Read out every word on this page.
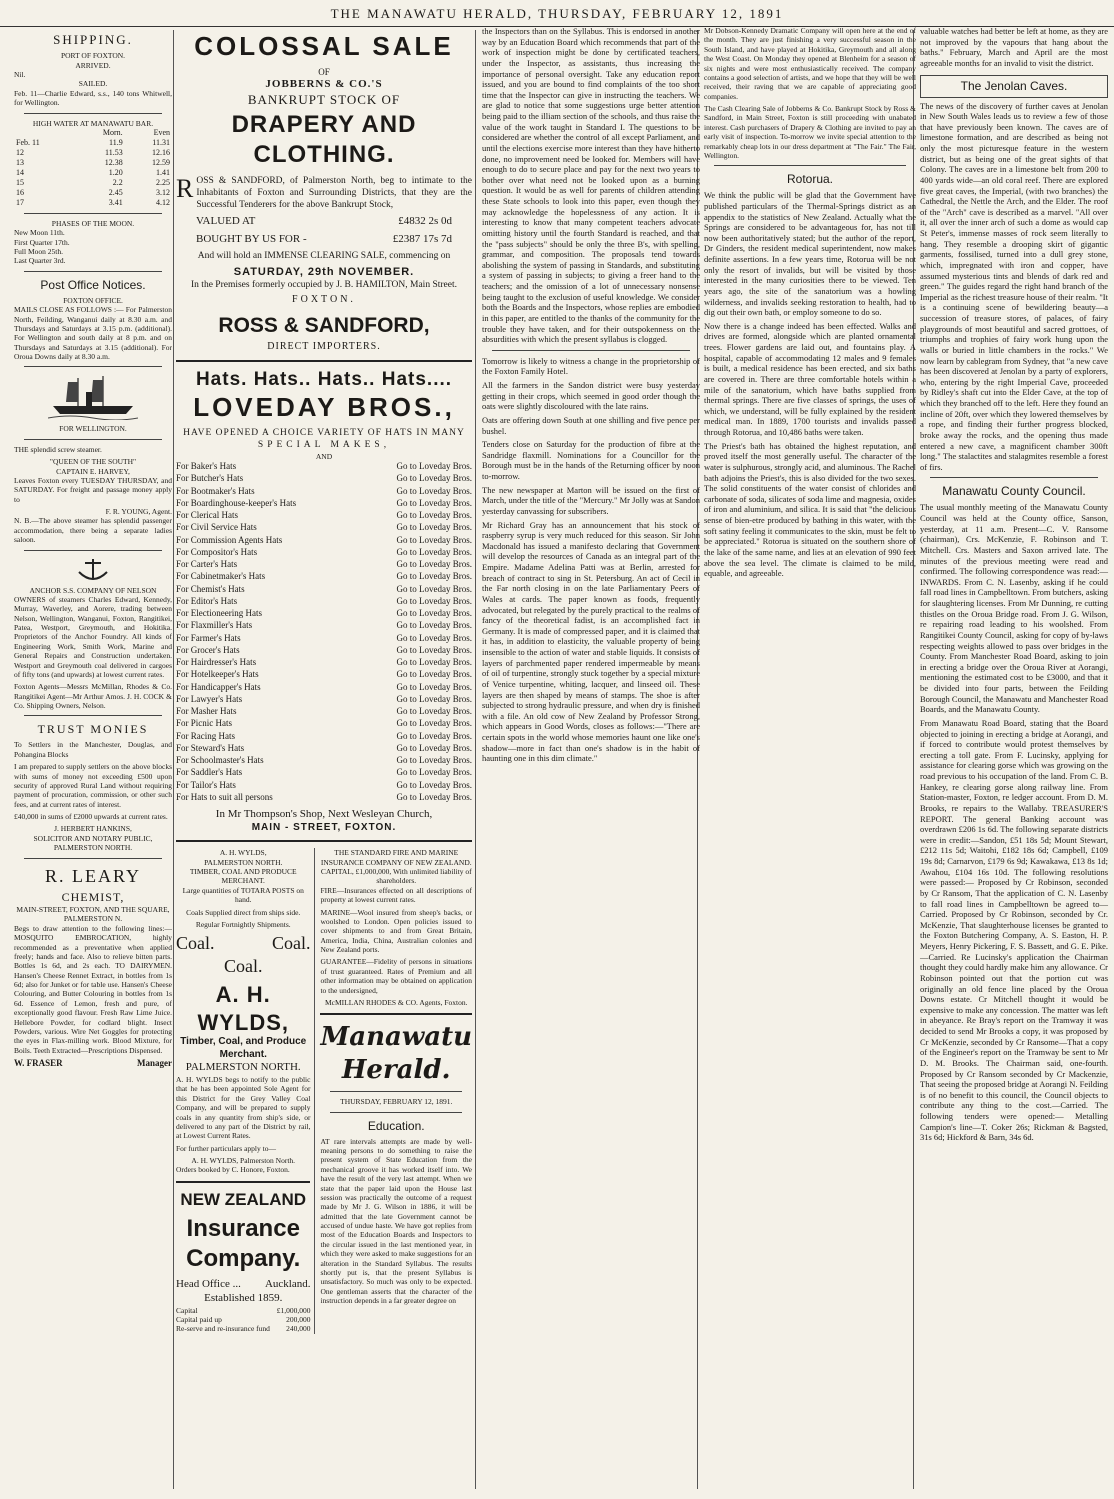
THE MANAWATU HERALD, THURSDAY, FEBRUARY 12, 1891
SHIPPING.
PORT OF FOXTON.
ARRIVED.
Nil.
SAILED.

Feb. 11—Charlie Edward, s.s., 140 tons Whitwell, for Wellington.

HIGH WATER AT MANAWATU BAR.
	Morn.	Even
Feb. 11	11.9	11.31
12	11.53	12.16
13	12.38	12.59
14	1.20	1.41
15	2.2	2.25
16	2.45	3.12
17	3.41	4.12
PHASES OF THE MOON.
New Moon 11th.
First Quarter 17th.
Full Moon 25th.
Last Quarter 3rd.
Post Office Notices.
FOXTON OFFICE.

MAILS CLOSE AS FOLLOWS :— For Palmerston North, Feilding, Wanganui daily at 8.30 a.m. and Thursdays and Saturdays at 3.15 p.m. (additional). For Wellington and south daily at 8 p.m. and on Thursdays and Saturdays at 3.15 (additional). For Oroua Downs daily at 8.30 a.m.

FOR WELLINGTON.

THE splendid screw steamer.

"QUEEN OF THE SOUTH"
CAPTAIN E. HARVEY,

Leaves Foxton every TUESDAY THURSDAY, and SATURDAY. For freight and passage money apply to

F. R. YOUNG, Agent.

N. B.—The above steamer has splendid passenger accommodation, there being a separate ladies saloon.

ANCHOR S.S. COMPANY OF NELSON

OWNERS of steamers Charles Edward, Kennedy, Murray, Waverley, and Aorere, trading between Nelson, Wellington, Wanganui, Foxton, Rangitikei, Patea, Westport, Greymouth, and Hokitika. Proprietors of the Anchor Foundry. All kinds of Engineering Work, Smith Work, Marine and General Repairs and Construction undertaken. Westport and Greymouth coal delivered in cargoes of fifty tons (and upwards) at lowest current rates.

Foxton Agents—Messrs McMillan, Rhodes & Co. Rangitikei Agent—Mr Arthur Amos. J. H. COCK & Co. Shipping Owners, Nelson.

TRUST MONIES

To Settlers in the Manchester, Douglas, and Pohangina Blocks

I am prepared to supply settlers on the above blocks with sums of money not exceeding £500 upon security of approved Rural Land without requiring payment of procuration, commission, or other such fees, and at current rates of interest.

£40,000 in sums of £2000 upwards at current rates.

J. HERBERT HANKINS,
SOLICITOR AND NOTARY PUBLIC, PALMERSTON NORTH.
R. LEARY
CHEMIST,
MAIN-STREET, FOXTON, AND THE SQUARE, PALMERSTON N.

Begs to draw attention to the following lines:— MOSQUITO EMBROCATION, highly recommended as a preventative when applied freely; hands and face. Also to relieve bitten parts. Bottles 1s 6d, and 2s each. TO DAIRYMEN. Hansen's Cheese Rennet Extract, in bottles from 1s 6d; also for Junket or for table use. Hansen's Cheese Colouring, and Butter Colouring in bottles from 1s 6d. Essence of Lemon, fresh and pure, of exceptionally good flavour. Fresh Raw Lime Juice. Hellebore Powder, for codlard blight. Insect Powders, various. Wire Net Goggles for protecting the eyes in Flax-milling work. Blood Mixture, for Boils. Teeth Extracted—Prescriptions Dispensed.

W. FRASER	Manager
COLOSSAL SALE
OF
JOBBERNS & CO.'S
BANKRUPT STOCK OF
DRAPERY AND CLOTHING.

ROSS & SANDFORD, of Palmerston North, beg to intimate to the Inhabitants of Foxton and Surrounding Districts, that they are the Successful Tenderers for the above Bankrupt Stock,

VALUED AT	£4832 2s 0d
BOUGHT BY US FOR -	£2387 17s 7d

And will hold an IMMENSE CLEARING SALE, commencing on

SATURDAY, 29th NOVEMBER.

In the Premises formerly occupied by J. B. HAMILTON, Main Street.

FOXTON.
ROSS & SANDFORD,
DIRECT IMPORTERS.
Hats. Hats.. Hats.. Hats....
LOVEDAY BROS.,
HAVE OPENED A CHOICE VARIETY OF HATS IN MANY
SPECIAL MAKES,
AND
For Baker's Hats	Go to Loveday Bros.
For Butcher's Hats	Go to Loveday Bros.
For Bootmaker's Hats	Go to Loveday Bros.
For Boardinghouse-keeper's Hats	Go to Loveday Bros.
For Clerical Hats	Go to Loveday Bros.
For Civil Service Hats	Go to Loveday Bros.
For Commission Agents Hats	Go to Loveday Bros.
For Compositor's Hats	Go to Loveday Bros.
For Carter's Hats	Go to Loveday Bros.
For Cabinetmaker's Hats	Go to Loveday Bros.
For Chemist's Hats	Go to Loveday Bros.
For Editor's Hats	Go to Loveday Bros.
For Electioneering Hats	Go to Loveday Bros.
For Flaxmiller's Hats	Go to Loveday Bros.
For Farmer's Hats	Go to Loveday Bros.
For Grocer's Hats	Go to Loveday Bros.
For Hairdresser's Hats	Go to Loveday Bros.
For Hotelkeeper's Hats	Go to Loveday Bros.
For Handicapper's Hats	Go to Loveday Bros.
For Lawyer's Hats	Go to Loveday Bros.
For Masher Hats	Go to Loveday Bros.
For Picnic Hats	Go to Loveday Bros.
For Racing Hats	Go to Loveday Bros.
For Steward's Hats	Go to Loveday Bros.
For Schoolmaster's Hats	Go to Loveday Bros.
For Saddler's Hats	Go to Loveday Bros.
For Tailor's Hats	Go to Loveday Bros.
For Hats to suit all persons	Go to Loveday Bros.
In Mr Thompson's Shop, Next Wesleyan Church,
MAIN - STREET, FOXTON.
A. H. WYLDS,
PALMERSTON NORTH.
TIMBER, COAL AND PRODUCE MERCHANT.

Large quantities of TOTARA POSTS on hand.

Coals Supplied direct from ships side.

Regular Fortnightly Shipments.

Coal.	Coal.
Coal.
A. H. WYLDS,
Timber, Coal, and Produce Merchant.
PALMERSTON NORTH.

A. H. WYLDS begs to notify to the public that he has been appointed Sole Agent for this District for the Grey Valley Coal Company, and will be prepared to supply coals in any quantity from ship's side, or delivered to any part of the District by rail, at Lowest Current Rates.

For further particulars apply to—

A. H. WYLDS, Palmerston North.

Orders booked by C. Honore, Foxton.

NEW ZEALAND
Insurance Company.
Head Office ... Auckland.
Established 1859.
Capital	£1,000,000
Capital paid up	200,000
Re-serve and re-insurance fund 240,000
THE STANDARD FIRE AND MARINE INSURANCE COMPANY OF NEW ZEALAND.
CAPITAL, £1,000,000, With unlimited liability of shareholders.

FIRE—Insurances effected on all descriptions of property at lowest current rates.

MARINE—Wool insured from sheep's backs, or woolshed to London. Open policies issued to cover shipments to and from Great Britain, America, India, China, Australian colonies and New Zealand ports.

GUARANTEE—Fidelity of persons in situations of trust guaranteed. Rates of Premium and all other information may be obtained on application to the undersigned,

McMILLAN RHODES & CO. Agents, Foxton.
Manawatu Herald.
THURSDAY, FEBRUARY 12, 1891.
Education.

AT rare intervals attempts are made by well-meaning persons to do something to raise the present system of State Education from the mechanical groove it has worked itself into. We have the result of the very last attempt. When we state that the paper laid upon the House last session was practically the outcome of a request made by Mr J. G. Wilson in 1886, it will be admitted that the late Government cannot be accused of undue haste. We have got replies from most of the Education Boards and Inspectors to the circular issued in the last mentioned year, in which they were asked to make suggestions for an alteration in the Standard Syllabus. The results shortly put is, that the present Syllabus is unsatisfactory. So much was only to be expected. One gentleman asserts that the character of the instruction depends in a far greater degree on

the Inspectors than on the Syllabus. This is endorsed in another way by an Education Board which recommends that part of the work of inspection might be done by certificated teachers, under the Inspector, as assistants, thus increasing the importance of personal oversight. Take any education report issued, and you are bound to find complaints of the too short time that the Inspector can give in instructing the teachers. We are glad to notice that some suggestions urge better attention being paid to the illiam section of the schools, and thus raise the value of the work taught in Standard I. The questions to be considered are whether the control of all except Parliament, and until the elections exercise more interest than they have hitherto done, no improvement need be looked for. Members will have enough to do to secure place and pay for the next two years to bother over what need not be looked upon as a burning question. It would be as well for parents of children attending these State schools to look into this paper, even though they may acknowledge the hopelessness of any action. It is interesting to know that many competent teachers advocate omitting history until the fourth Standard is reached, and that the "pass subjects" should be only the three B's, with spelling, grammar, and composition. The proposals tend towards abolishing the system of passing in Standards, and substituting a system of passing in subjects; to giving a freer hand to the teachers; and the omission of a lot of unnecessary nonsense being taught to the exclusion of useful knowledge. We consider both the Boards and the Inspectors, whose replies are embodied in this paper, are entitled to the thanks of the community for the trouble they have taken, and for their outspokenness on the absurdities with which the present syllabus is clogged.

Tomorrow is likely to witness a change in the proprietorship of the Foxton Family Hotel.

All the farmers in the Sandon district were busy yesterday getting in their crops, which seemed in good order though the oats were slightly discoloured with the late rains.

Oats are offering down South at one shilling and five pence per bushel.

Tenders close on Saturday for the production of fibre at the Sandridge flaxmill. Nominations for a Councillor for the Borough must be in the hands of the Returning officer by noon to-morrow.

The new newspaper at Marton will be issued on the first of March, under the title of the "Mercury." Mr Jolly was at Sandon yesterday canvassing for subscribers.

Mr Richard Gray has an announcement that his stock of raspberry syrup is very much reduced for this season. Sir John Macdonald has issued a manifesto declaring that Government will develop the resources of Canada as an integral part of the Empire. Madame Adelina Patti was at Berlin, arrested for breach of contract to sing in St. Petersburg. An act of Cecil in the Far north closing in on the late Parliamentary Peers of Wales at cards. The paper known as foods, frequently advocated, but relegated by the purely practical to the realms of fancy of the theoretical fadist, is an accomplished fact in Germany. It is made of compressed paper, and it is claimed that it has, in addition to elasticity, the valuable property of being insensible to the action of water and stable liquids. It consists of layers of parchmented paper rendered impermeable by means of oil of turpentine, strongly stuck together by a special mixture of Venice turpentine, whiting, lacquer, and linseed oil. These layers are then shaped by means of stamps. The shoe is after subjected to strong hydraulic pressure, and when dry is finished with a file. An old cow of New Zealand by Professor Strong, which appears in Good Words, closes as follows:—"There are certain spots in the world whose memories haunt one like one's shadow—more in fact than one's shadow is in the habit of haunting one in this dim climate."

Mr Dobson-Kennedy Dramatic Company will open here at the end of the month. They are just finishing a very successful season in the South Island, and have played at Hokitika, Greymouth and all along the West Coast. On Monday they opened at Blenheim for a season of six nights and were most enthusiastically received. The company contains a good selection of artists, and we hope that they will be well received, their raving that we are capable of appreciating good companies.

The Cash Clearing Sale of Jobberns & Co. Bankrupt Stock by Ross & Sandford, in Main Street, Foxton is still proceeding with unabated interest. Cash purchasers of Drapery & Clothing are invited to pay an early visit of inspection. To-morrow we invite special attention to the remarkably cheap lots in our dress department at "The Fair." The Fair, Wellington.

Rotorua.

We think the public will be glad that the Government have published particulars of the Thermal-Springs district as an appendix to the statistics of New Zealand. Actually what the Springs are considered to be advantageous for, has not till now been authoritatively stated; but the author of the report, Dr Ginders, the resident medical superintendent, now makes definite assertions. In a few years time, Rotorua will be not only the resort of invalids, but will be visited by those interested in the many curiosities there to be viewed. Ten years ago, the site of the sanatorium was a howling wilderness, and invalids seeking restoration to health, had to dig out their own bath, or employ someone to do so.

Now there is a change indeed has been effected. Walks and drives are formed, alongside which are planted ornamental trees. Flower gardens are laid out, and fountains play. A hospital, capable of accommodating 12 males and 9 females is built, a medical residence has been erected, and six baths are covered in. There are three comfortable hotels within a mile of the sanatorium, which have baths supplied from thermal springs. There are five classes of springs, the uses of which, we understand, will be fully explained by the resident medical man. In 1889, 1700 tourists and invalids passed through Rotorua, and 10,486 baths were taken.

The Priest's bath has obtained the highest reputation, and proved itself the most generally useful. The character of the water is sulphurous, strongly acid, and aluminous. The Rachel bath adjoins the Priest's, this is also divided for the two sexes. The solid constituents of the water consist of chlorides and carbonate of soda, silicates of soda lime and magnesia, oxides of iron and aluminium, and silica. It is said that "the delicious sense of bien-etre produced by bathing in this water, with the soft satiny feeling it communicates to the skin, must be felt to be appreciated." Rotorua is situated on the southern shore of the lake of the same name, and lies at an elevation of 990 feet above the sea level. The climate is claimed to be mild, equable, and agreeable.

valuable watches had better be left at home, as they are not improved by the vapours that hang about the baths." February, March and April are the most agreeable months for an invalid to visit the district.

The Jenolan Caves.

The news of the discovery of further caves at Jenolan in New South Wales leads us to review a few of those that have previously been known. The caves are of limestone formation, and are described as being not only the most picturesque feature in the western district, but as being one of the great sights of that Colony. The caves are in a limestone belt from 200 to 400 yards wide—an old coral reef. There are explored five great caves, the Imperial, (with two branches) the Cathedral, the Nettle the Arch, and the Elder. The roof of the "Arch" cave is described as a marvel. "All over it, all over the inner arch of such a dome as would cap St Peter's, immense masses of rock seem literally to hang. They resemble a drooping skirt of gigantic garments, fossilised, turned into a dull grey stone, which, impregnated with iron and copper, have assumed mysterious tints and blends of dark red and green." The guides regard the right hand branch of the Imperial as the richest treasure house of their realm. "It is a continuing scene of bewildering beauty—a succession of treasure stores, of palaces, of fairy playgrounds of most beautiful and sacred grottoes, of triumphs and trophies of fairy work hung upon the walls or buried in little chambers in the rocks." We now learn by cablegram from Sydney, that "a new cave has been discovered at Jenolan by a party of explorers, who, entering by the right Imperial Cave, proceeded by Ridley's shaft cut into the Elder Cave, at the top of which they branched off to the left. Here they found an incline of 20ft, over which they lowered themselves by a rope, and finding their further progress blocked, broke away the rocks, and the opening thus made entered a new cave, a magnificent chamber 300ft long." The stalactites and stalagmites resemble a forest of firs.

Manawatu County Council.

The usual monthly meeting of the Manawatu County Council was held at the County office, Sanson, yesterday, at 11 a.m. Present—C. V. Ransome (chairman), Crs. McKenzie, F. Robinson and T. Mitchell. Crs. Masters and Saxon arrived late. The minutes of the previous meeting were read and confirmed. The following correspondence was read:— INWARDS. From C. N. Lasenby, asking if he could fall road lines in Campbelltown. From butchers, asking for slaughtering licenses. From Mr Dunning, re cutting thistles on the Oroua Bridge road. From J. G. Wilson, re repairing road leading to his woolshed. From Rangitikei County Council, asking for copy of by-laws respecting weights allowed to pass over bridges in the County. From Manchester Road Board, asking to join in erecting a bridge over the Oroua River at Aorangi, mentioning the estimated cost to be £3000, and that it be divided into four parts, between the Feilding Borough Council, the Manawatu and Manchester Road Boards, and the Manawatu County.

From Manawatu Road Board, stating that the Board objected to joining in erecting a bridge at Aorangi, and if forced to contribute would protest themselves by erecting a toll gate. From F. Lucinsky, applying for assistance for clearing gorse which was growing on the road previous to his occupation of the land. From C. B. Hankey, re clearing gorse along railway line. From Station-master, Foxton, re ledger account. From D. M. Brooks, re repairs to the Wallaby. TREASURER'S REPORT. The general Banking account was overdrawn £206 1s 6d. The following separate districts were in credit:—Sandon, £51 18s 5d; Mount Stewart, £212 11s 5d; Waitohi, £182 18s 6d; Campbell, £109 19s 8d; Carnarvon, £179 6s 9d; Kawakawa, £13 8s 1d; Awahou, £104 16s 10d. The following resolutions were passed:— Proposed by Cr Robinson, seconded by Cr Ransom, That the application of C. N. Lasenby to fall road lines in Campbelltown be agreed to—Carried. Proposed by Cr Robinson, seconded by Cr. McKenzie, That slaughterhouse licenses be granted to the Foxton Butchering Company, A. S. Easton, H. P. Meyers, Henry Pickering, F. S. Bassett, and G. E. Pike.—Carried. Re Lucinsky's application the Chairman thought they could hardly make him any allowance. Cr Robinson pointed out that the portion cut was originally an old fence line placed by the Oroua Downs estate. Cr Mitchell thought it would be expensive to make any concession. The matter was left in abeyance. Re Bray's report on the Tramway it was decided to send Mr Brooks a copy, it was proposed by Cr McKenzie, seconded by Cr Ransome—That a copy of the Engineer's report on the Tramway be sent to Mr D. M. Brooks. The Chairman said, one-fourth. Proposed by Cr Ransom seconded by Cr Mackenzie, That seeing the proposed bridge at Aorangi N. Feilding is of no benefit to this council, the Council objects to contribute any thing to the cost.—Carried. The following tenders were opened:— Metalling Campion's line—T. Coker 26s; Rickman & Bagsted, 31s 6d; Hickford & Barn, 34s 6d.
